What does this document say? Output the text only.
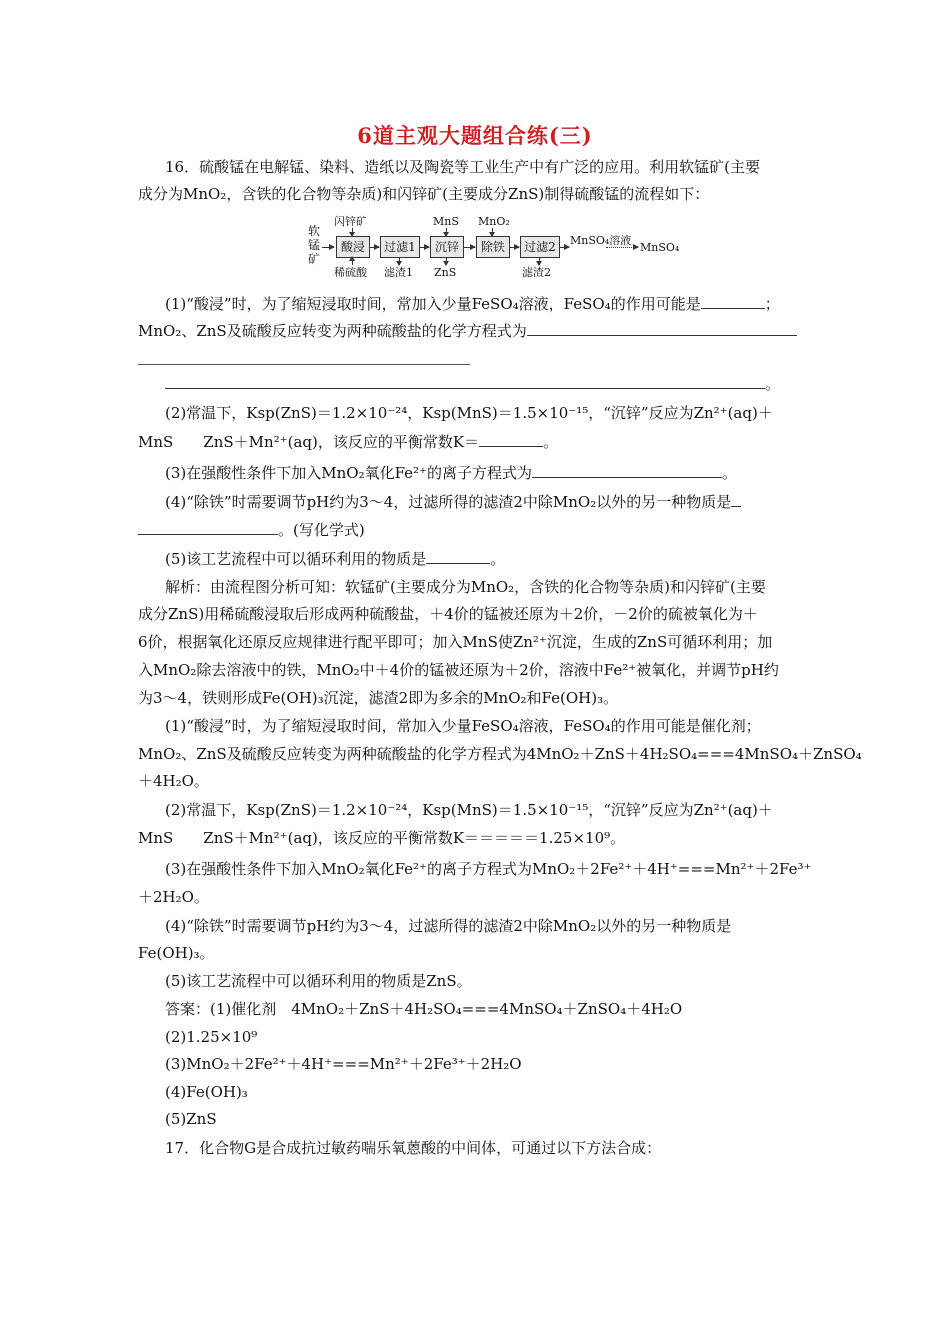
6道主观大题组合练(三)
16．硫酸锰在电解锰、染料、造纸以及陶瓷等工业生产中有广泛的应用。利用软锰矿(主要
成分为MnO₂，含铁的化合物等杂质)和闪锌矿(主要成分ZnS)制得硫酸锰的流程如下：
软锰矿
酸浸	过滤1	沉锌	除铁	过滤2	MnSO₄溶液
MnSO₄
闪锌矿	MnS MnO₂
稀硫酸 滤渣1 ZnS	滤渣2
(1)“酸浸”时，为了缩短浸取时间，常加入少量FeSO₄溶液，FeSO₄的作用可能是	；
MnO₂、ZnS及硫酸反应转变为两种硫酸盐的化学方程式为
。
(2)常温下，Ksp(ZnS)＝1.2×10⁻²⁴，Ksp(MnS)＝1.5×10⁻¹⁵，“沉锌”反应为Zn²⁺(aq)＋
MnS　　ZnS＋Mn²⁺(aq)，该反应的平衡常数K＝	。
(3)在强酸性条件下加入MnO₂氧化Fe²⁺的离子方程式为	。
(4)“除铁”时需要调节pH约为3～4，过滤所得的滤渣2中除MnO₂以外的另一种物质是
。(写化学式)
(5)该工艺流程中可以循环利用的物质是	。
解析：由流程图分析可知：软锰矿(主要成分为MnO₂，含铁的化合物等杂质)和闪锌矿(主要
成分ZnS)用稀硫酸浸取后形成两种硫酸盐，＋4价的锰被还原为＋2价，－2价的硫被氧化为＋
6价，根据氧化还原反应规律进行配平即可；加入MnS使Zn²⁺沉淀，生成的ZnS可循环利用；加
入MnO₂除去溶液中的铁，MnO₂中＋4价的锰被还原为＋2价，溶液中Fe²⁺被氧化，并调节pH约
为3～4，铁则形成Fe(OH)₃沉淀，滤渣2即为多余的MnO₂和Fe(OH)₃。
(1)“酸浸”时，为了缩短浸取时间，常加入少量FeSO₄溶液，FeSO₄的作用可能是催化剂；
MnO₂、ZnS及硫酸反应转变为两种硫酸盐的化学方程式为4MnO₂＋ZnS＋4H₂SO₄===4MnSO₄＋ZnSO₄
＋4H₂O。
(2)常温下，Ksp(ZnS)＝1.2×10⁻²⁴，Ksp(MnS)＝1.5×10⁻¹⁵，“沉锌”反应为Zn²⁺(aq)＋
MnS　　ZnS＋Mn²⁺(aq)，该反应的平衡常数K＝＝＝＝＝1.25×10⁹。
(3)在强酸性条件下加入MnO₂氧化Fe²⁺的离子方程式为MnO₂＋2Fe²⁺＋4H⁺===Mn²⁺＋2Fe³⁺
＋2H₂O。
(4)“除铁”时需要调节pH约为3～4，过滤所得的滤渣2中除MnO₂以外的另一种物质是
Fe(OH)₃。
(5)该工艺流程中可以循环利用的物质是ZnS。
答案：(1)催化剂　4MnO₂＋ZnS＋4H₂SO₄===4MnSO₄＋ZnSO₄＋4H₂O
(2)1.25×10⁹
(3)MnO₂＋2Fe²⁺＋4H⁺===Mn²⁺＋2Fe³⁺＋2H₂O
(4)Fe(OH)₃
(5)ZnS
17．化合物G是合成抗过敏药喘乐氧蒽酸的中间体，可通过以下方法合成：
